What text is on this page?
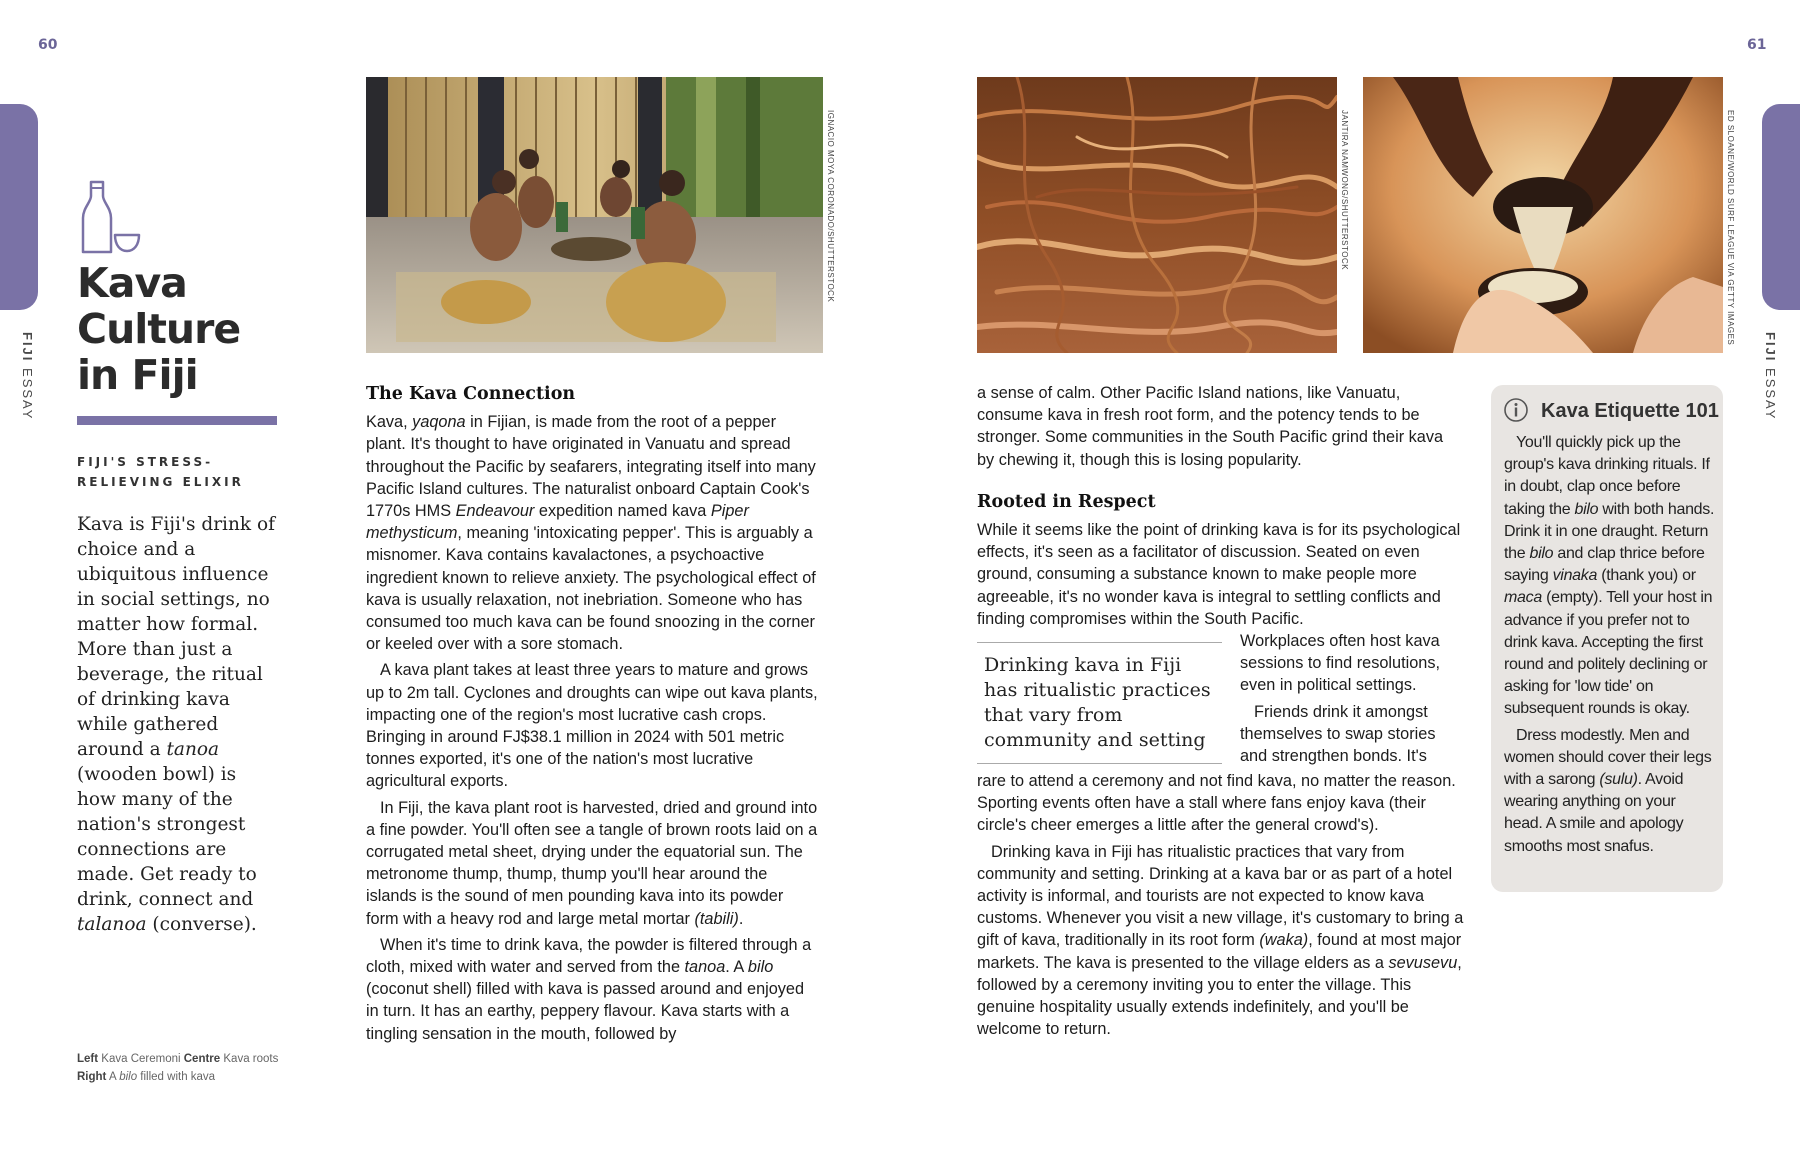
60	61
FIJI ESSAY
FIJI ESSAY
Kava
Culture
in Fiji
FIJI'S STRESS-
RELIEVING ELIXIR
Kava is Fiji's drink of choice and a ubiquitous influence in social settings, no matter how formal. More than just a beverage, the ritual of drinking kava while gathered around a tanoa (wooden bowl) is how many of the nation's strongest connections are made. Get ready to drink, connect and talanoa (converse).
Left Kava Ceremoni Centre Kava roots
Right A bilo filled with kava
IGNACIO MOYA CORONADO/SHUTTERSTOCK	JANTIRA NAMWONG/SHUTTERSTOCK	ED SLOANE/WORLD SURF LEAGUE VIA GETTY IMAGES
The Kava Connection

Kava, yaqona in Fijian, is made from the root of a pepper plant. It's thought to have originated in Vanuatu and spread throughout the Pacific by seafarers, integrating itself into many Pacific Island cultures. The naturalist onboard Captain Cook's 1770s HMS Endeavour expedition named kava Piper methysticum, meaning 'intoxicating pepper'. This is arguably a misnomer. Kava contains kavalactones, a psychoactive ingredient known to relieve anxiety. The psychological effect of kava is usually relaxation, not inebriation. Someone who has consumed too much kava can be found snoozing in the corner or keeled over with a sore stomach.

A kava plant takes at least three years to mature and grows up to 2m tall. Cyclones and droughts can wipe out kava plants, impacting one of the region's most lucrative cash crops. Bringing in around FJ$38.1 million in 2024 with 501 metric tonnes exported, it's one of the nation's most lucrative agricultural exports.

In Fiji, the kava plant root is harvested, dried and ground into a fine powder. You'll often see a tangle of brown roots laid on a corrugated metal sheet, drying under the equatorial sun. The metronome thump, thump, thump you'll hear around the islands is the sound of men pounding kava into its powder form with a heavy rod and large metal mortar (tabili).

When it's time to drink kava, the powder is filtered through a cloth, mixed with water and served from the tanoa. A bilo (coconut shell) filled with kava is passed around and enjoyed in turn. It has an earthy, peppery flavour. Kava starts with a tingling sensation in the mouth, followed by

a sense of calm. Other Pacific Island nations, like Vanuatu, consume kava in fresh root form, and the potency tends to be stronger. Some communities in the South Pacific grind their kava by chewing it, though this is losing popularity.

Rooted in Respect

While it seems like the point of drinking kava is for its psychological effects, it's seen as a facilitator of discussion. Seated on even ground, consuming a substance known to make people more agreeable, it's no wonder kava is integral to settling conflicts and finding compromises within the South Pacific.

Workplaces often host kava sessions to find resolutions, even in political settings.

Friends drink it amongst themselves to swap stories and strengthen bonds. It's

rare to attend a ceremony and not find kava, no matter the reason. Sporting events often have a stall where fans enjoy kava (their circle's cheer emerges a little after the general crowd's).

Drinking kava in Fiji has ritualistic practices that vary from community and setting. Drinking at a kava bar or as part of a hotel activity is informal, and tourists are not expected to know kava customs. Whenever you visit a new village, it's customary to bring a gift of kava, traditionally in its root form (waka), found at most major markets. The kava is presented to the village elders as a sevusevu, followed by a ceremony inviting you to enter the village. This genuine hospitality usually extends indefinitely, and you'll be welcome to return.

Drinking kava in Fiji has ritualistic practices that vary from community and setting
Kava Etiquette 101

You'll quickly pick up the group's kava drinking rituals. If in doubt, clap once before taking the bilo with both hands. Drink it in one draught. Return the bilo and clap thrice before saying vinaka (thank you) or maca (empty). Tell your host in advance if you prefer not to drink kava. Accepting the first round and politely declining or asking for 'low tide' on subsequent rounds is okay.

Dress modestly. Men and women should cover their legs with a sarong (sulu). Avoid wearing anything on your head. A smile and apology smooths most snafus.
